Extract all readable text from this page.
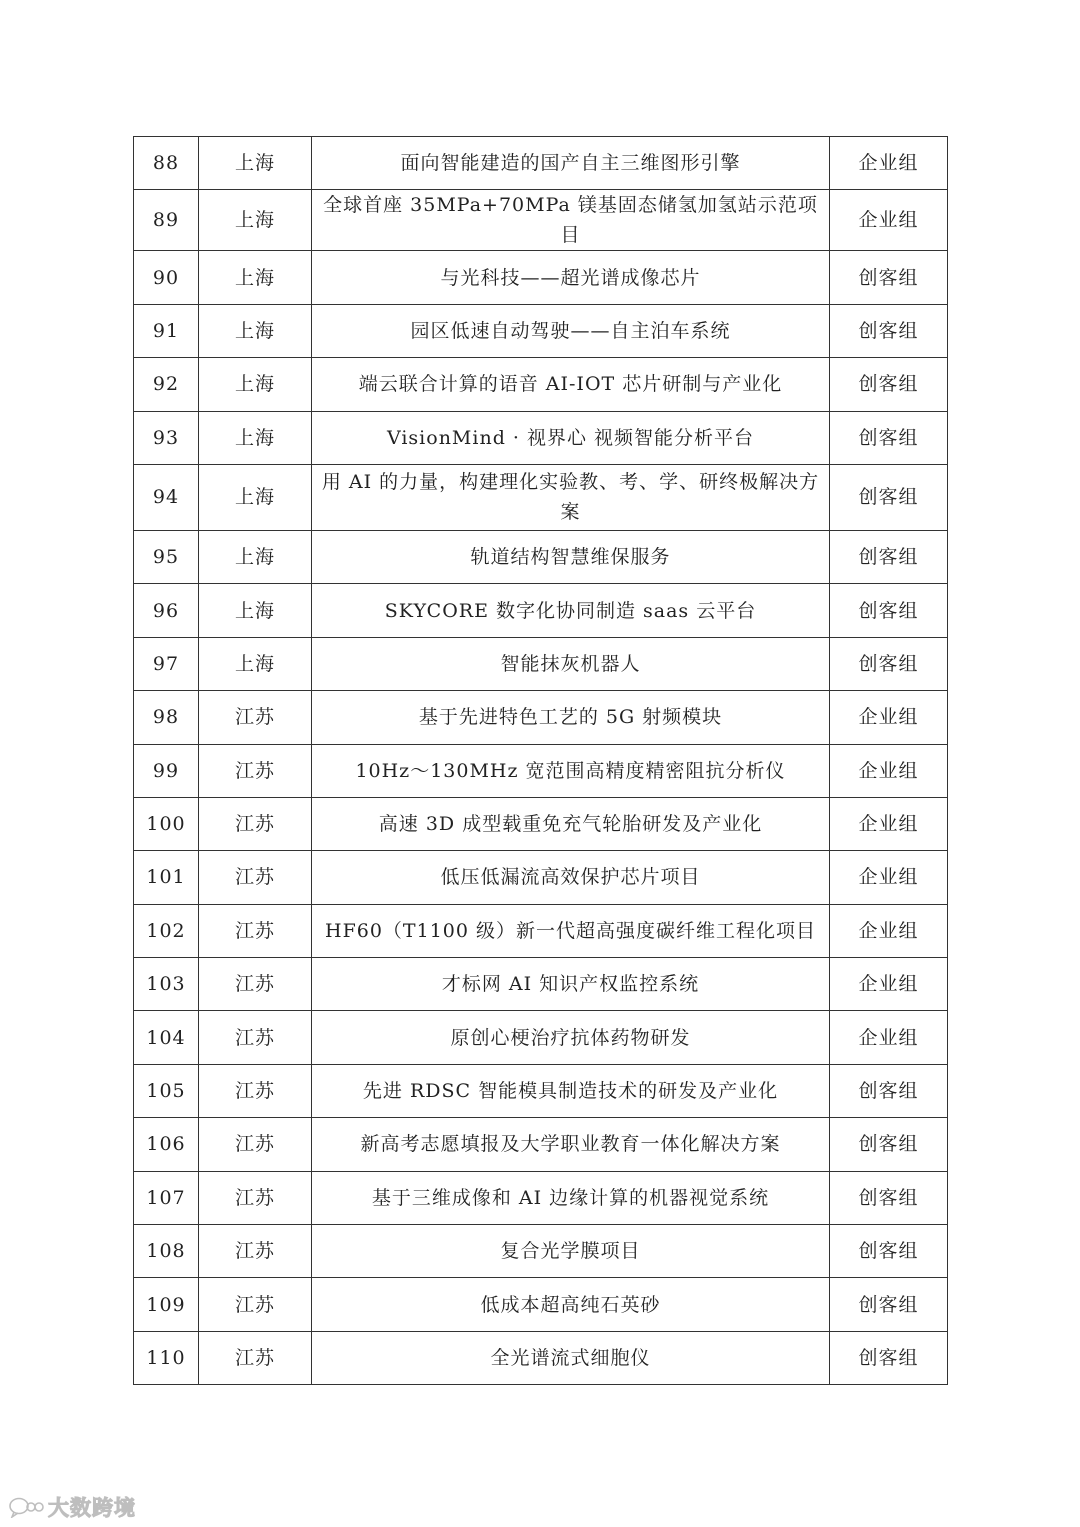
88	上海	面向智能建造的国产自主三维图形引擎	企业组
89	上海	全球首座 35MPa+70MPa 镁基固态储氢加氢站示范项目	企业组
90	上海	与光科技——超光谱成像芯片	创客组
91	上海	园区低速自动驾驶——自主泊车系统	创客组
92	上海	端云联合计算的语音 AI-IOT 芯片研制与产业化	创客组
93	上海	VisionMind · 视界心 视频智能分析平台	创客组
94	上海	用 AI 的力量，构建理化实验教、考、学、研终极解决方案	创客组
95	上海	轨道结构智慧维保服务	创客组
96	上海	SKYCORE 数字化协同制造 saas 云平台	创客组
97	上海	智能抹灰机器人	创客组
98	江苏	基于先进特色工艺的 5G 射频模块	企业组
99	江苏	10Hz～130MHz 宽范围高精度精密阻抗分析仪	企业组
100	江苏	高速 3D 成型载重免充气轮胎研发及产业化	企业组
101	江苏	低压低漏流高效保护芯片项目	企业组
102	江苏	HF60（T1100 级）新一代超高强度碳纤维工程化项目	企业组
103	江苏	才标网 AI 知识产权监控系统	企业组
104	江苏	原创心梗治疗抗体药物研发	企业组
105	江苏	先进 RDSC 智能模具制造技术的研发及产业化	创客组
106	江苏	新高考志愿填报及大学职业教育一体化解决方案	创客组
107	江苏	基于三维成像和 AI 边缘计算的机器视觉系统	创客组
108	江苏	复合光学膜项目	创客组
109	江苏	低成本超高纯石英砂	创客组
110	江苏	全光谱流式细胞仪	创客组
大数跨境
